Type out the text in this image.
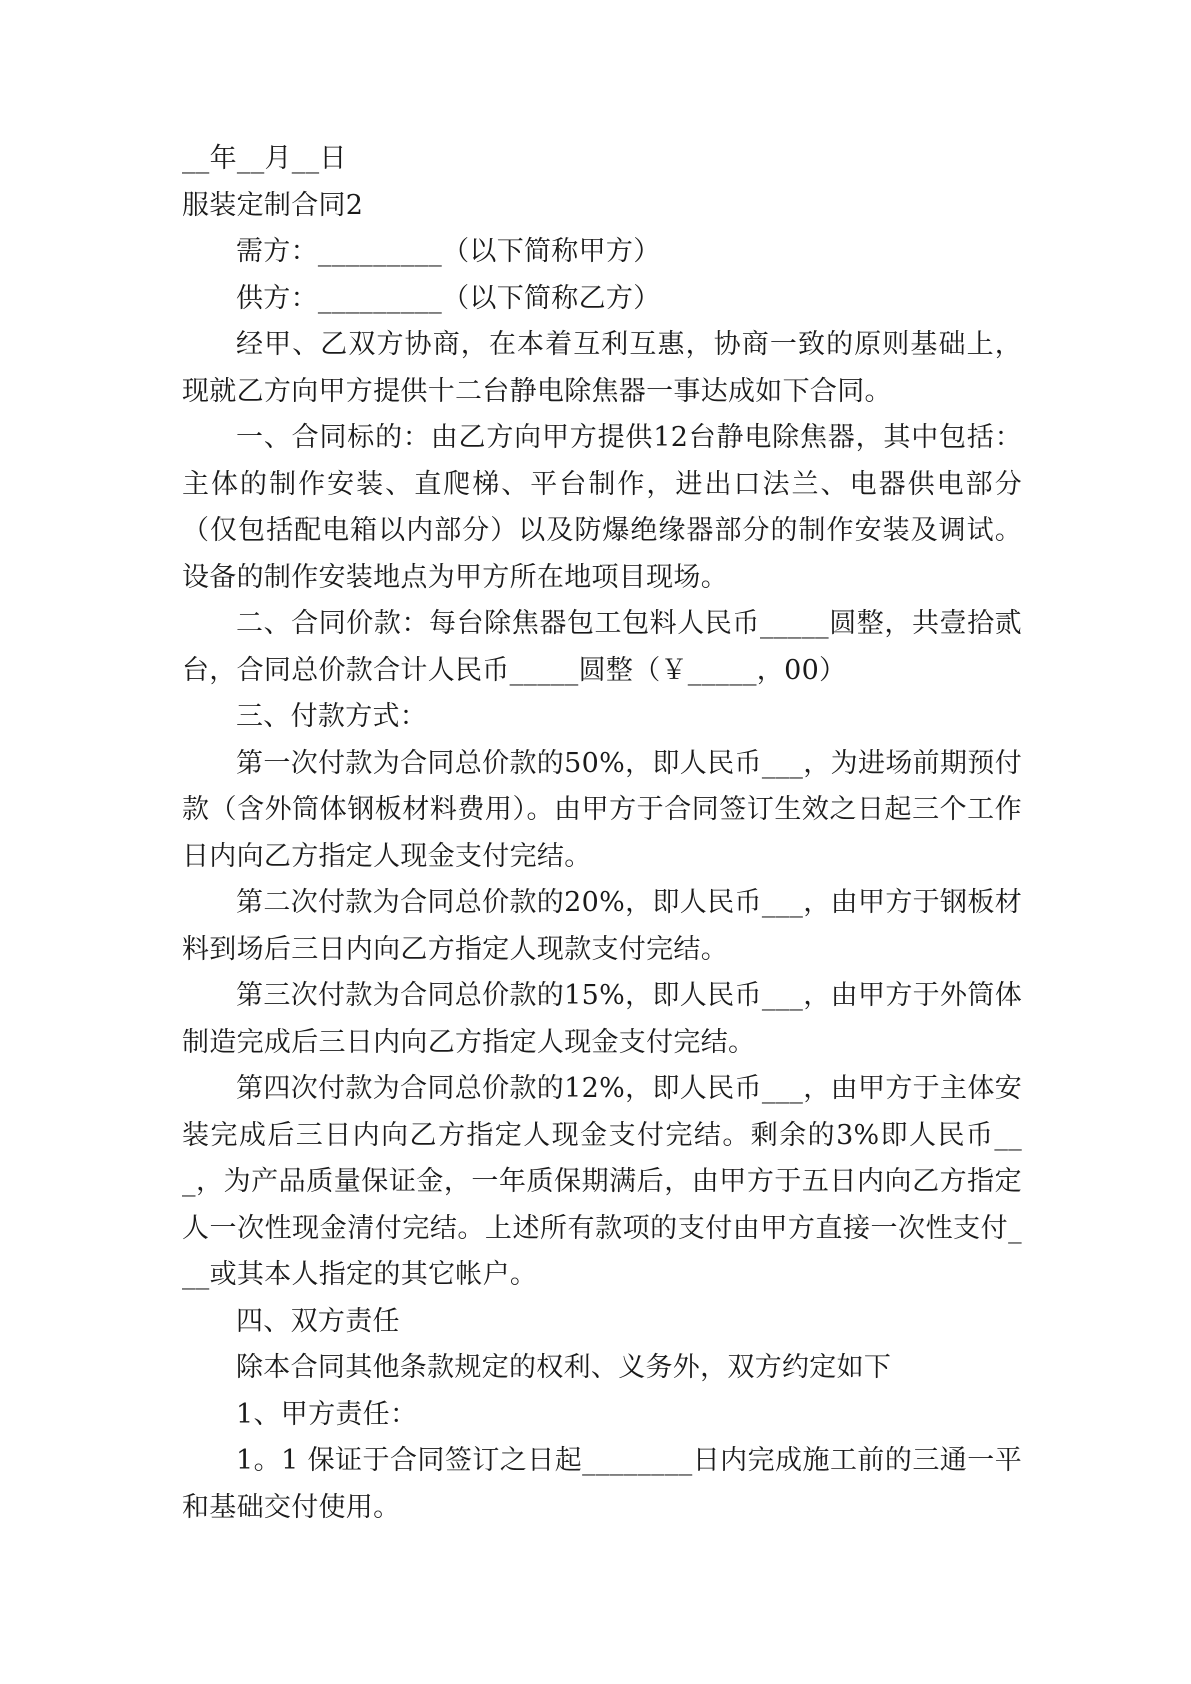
__年__月__日

服装定制合同2

需方：_________（以下简称甲方）

供方：_________（以下简称乙方）

经甲、乙双方协商，在本着互利互惠，协商一致的原则基础上，现就乙方向甲方提供十二台静电除焦器一事达成如下合同。

一、合同标的：由乙方向甲方提供12台静电除焦器，其中包括：主体的制作安装、直爬梯、平台制作，进出口法兰、电器供电部分（仅包括配电箱以内部分）以及防爆绝缘器部分的制作安装及调试。设备的制作安装地点为甲方所在地项目现场。

二、合同价款：每台除焦器包工包料人民币_____圆整，共壹拾贰台，合同总价款合计人民币_____圆整（￥_____，00）

三、付款方式：

第一次付款为合同总价款的50%，即人民币___，为进场前期预付款（含外筒体钢板材料费用）。由甲方于合同签订生效之日起三个工作日内向乙方指定人现金支付完结。

第二次付款为合同总价款的20%，即人民币___，由甲方于钢板材料到场后三日内向乙方指定人现款支付完结。

第三次付款为合同总价款的15%，即人民币___，由甲方于外筒体制造完成后三日内向乙方指定人现金支付完结。

第四次付款为合同总价款的12%，即人民币___，由甲方于主体安装完成后三日内向乙方指定人现金支付完结。剩余的3%即人民币___，为产品质量保证金，一年质保期满后，由甲方于五日内向乙方指定人一次性现金清付完结。上述所有款项的支付由甲方直接一次性支付___或其本人指定的其它帐户。

四、双方责任

除本合同其他条款规定的权利、义务外，双方约定如下

1、甲方责任：

1。1 保证于合同签订之日起________日内完成施工前的三通一平和基础交付使用。
